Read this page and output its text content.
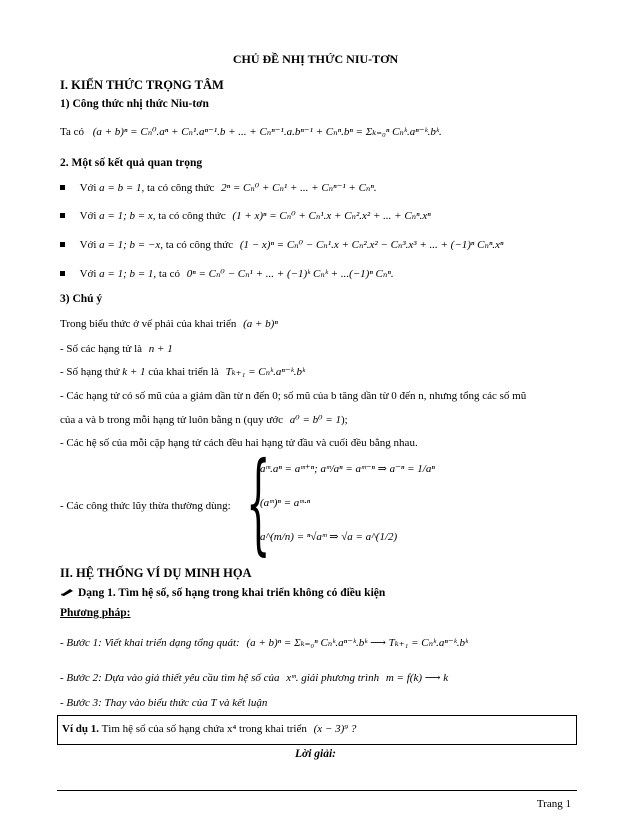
CHỦ ĐỀ NHỊ THỨC NIU-TƠN
I. KIẾN THỨC TRỌNG TÂM
1) Công thức nhị thức Niu-tơn
Ta có (a + b)ⁿ = Cₙ⁰.aⁿ + Cₙ¹.aⁿ⁻¹.b + ... + Cₙⁿ⁻¹.a.bⁿ⁻¹ + Cₙⁿ.bⁿ = Σₖ₌₀ⁿ Cₙᵏ.aⁿ⁻ᵏ.bᵏ.
2. Một số kết quả quan trọng
Với a = b = 1, ta có công thức 2ⁿ = Cₙ⁰ + Cₙ¹ + ... + Cₙⁿ⁻¹ + Cₙⁿ.
Với a = 1; b = x, ta có công thức (1 + x)ⁿ = Cₙ⁰ + Cₙ¹.x + Cₙ².x² + ... + Cₙⁿ.xⁿ
Với a = 1; b = −x, ta có công thức (1 − x)ⁿ = Cₙ⁰ − Cₙ¹.x + Cₙ².x² − Cₙ³.x³ + ... + (−1)ⁿ Cₙⁿ.xⁿ
Với a = 1; b = 1, ta có 0ⁿ = Cₙ⁰ − Cₙ¹ + ... + (−1)ᵏ Cₙᵏ + ...(−1)ⁿ Cₙⁿ.
3) Chú ý
Trong biểu thức ở vế phải của khai triển (a + b)ⁿ
- Số các hạng tử là n + 1
- Số hạng thứ k + 1 của khai triển là Tₖ₊₁ = Cₙᵏ.aⁿ⁻ᵏ.bᵏ
- Các hạng tử có số mũ của a giảm dần từ n đến 0; số mũ của b tăng dần từ 0 đến n, nhưng tổng các số mũ
của a và b trong mỗi hạng tử luôn bằng n (quy ước a⁰ = b⁰ = 1);
- Các hệ số của mỗi cặp hạng tử cách đều hai hạng tử đầu và cuối đều bằng nhau.
- Các công thức lũy thừa thường dùng: {
aᵐ.aⁿ = aᵐ⁺ⁿ; aᵐ/aⁿ = aᵐ⁻ⁿ ⇒ a⁻ⁿ = 1/aⁿ
(aᵐ)ⁿ = aᵐ·ⁿ
a^(m/n) = ⁿ√aᵐ ⇒ √a = a^(1/2)
II. HỆ THỐNG VÍ DỤ MINH HỌA
Dạng 1. Tìm hệ số, số hạng trong khai triển không có điều kiện
Phương pháp:
- Bước 1: Viết khai triển dạng tổng quát: (a + b)ⁿ = Σₖ₌₀ⁿ Cₙᵏ.aⁿ⁻ᵏ.bᵏ ⟶ Tₖ₊₁ = Cₙᵏ.aⁿ⁻ᵏ.bᵏ
- Bước 2: Dựa vào giả thiết yêu cầu tìm hệ số của xᵐ. giải phương trình m = f(k) ⟶ k
- Bước 3: Thay vào biểu thức của T và kết luận
Ví dụ 1. Tìm hệ số của số hạng chứa x⁴ trong khai triển (x − 3)⁹ ?
Lời giải:
Trang 1
